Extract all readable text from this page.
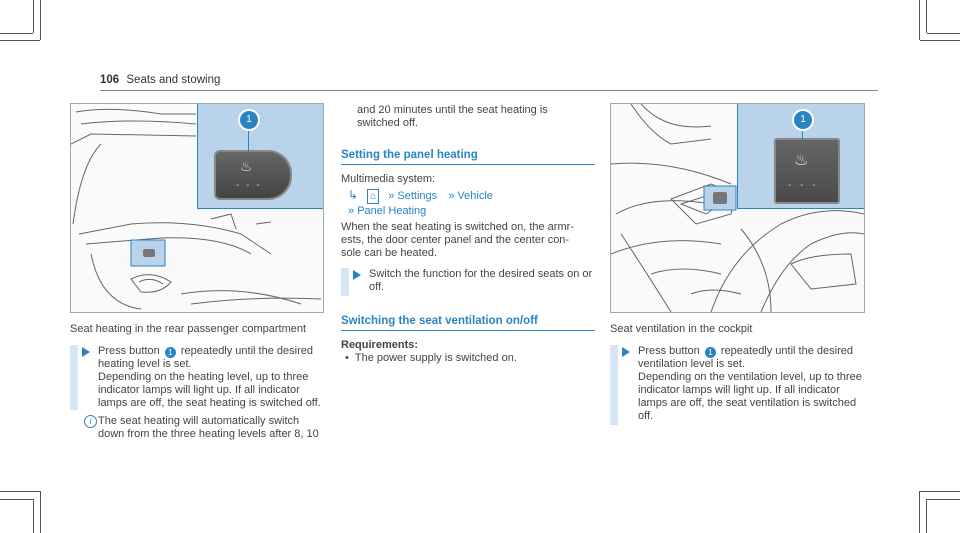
106 Seats and stowing
♨
- - -
1
Seat heating in the rear passenger compartment
Press button 1 repeatedly until the desired
heating level is set.
Depending on the heating level, up to three
indicator lamps will light up. If all indicator
lamps are off, the seat heating is switched off.
i The seat heating will automatically switch
down from the three heating levels after 8, 10
and 20 minutes until the seat heating is
switched off.
Setting the panel heating
Multimedia system:
↳ ⌂ » Settings » Vehicle
» Panel Heating
When the seat heating is switched on, the armr-
ests, the door center panel and the center con-
sole can be heated.
Switch the function for the desired seats on or
off.
Switching the seat ventilation on/off
Requirements:
• The power supply is switched on.
♨
- - -
1
Seat ventilation in the cockpit
Press button 1 repeatedly until the desired
ventilation level is set.
Depending on the ventilation level, up to three
indicator lamps will light up. If all indicator
lamps are off, the seat ventilation is switched
off.
